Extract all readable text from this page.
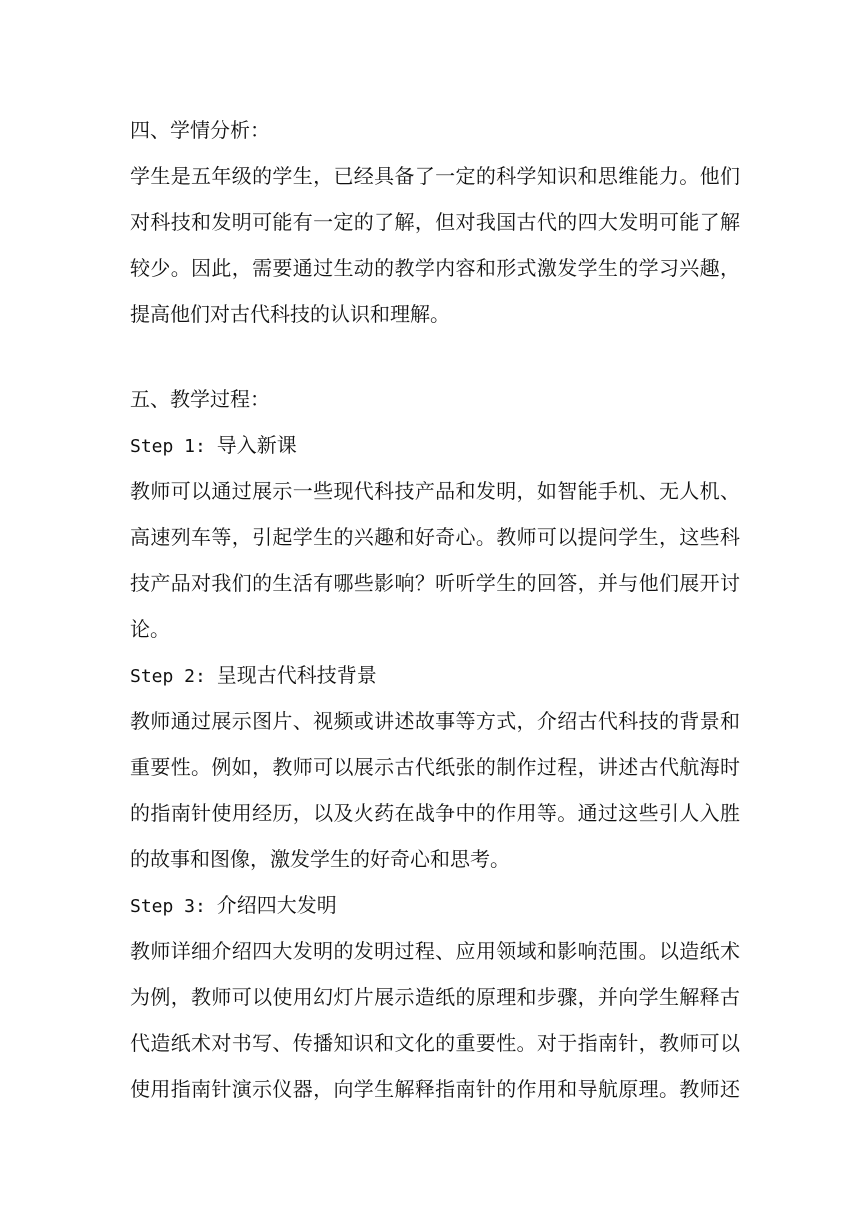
四、学情分析：
学生是五年级的学生，已经具备了一定的科学知识和思维能力。他们
对科技和发明可能有一定的了解，但对我国古代的四大发明可能了解
较少。因此，需要通过生动的教学内容和形式激发学生的学习兴趣，
提高他们对古代科技的认识和理解。
五、教学过程：
Step 1: 导入新课
教师可以通过展示一些现代科技产品和发明，如智能手机、无人机、
高速列车等，引起学生的兴趣和好奇心。教师可以提问学生，这些科
技产品对我们的生活有哪些影响？听听学生的回答，并与他们展开讨
论。
Step 2: 呈现古代科技背景
教师通过展示图片、视频或讲述故事等方式，介绍古代科技的背景和
重要性。例如，教师可以展示古代纸张的制作过程，讲述古代航海时
的指南针使用经历，以及火药在战争中的作用等。通过这些引人入胜
的故事和图像，激发学生的好奇心和思考。
Step 3: 介绍四大发明
教师详细介绍四大发明的发明过程、应用领域和影响范围。以造纸术
为例，教师可以使用幻灯片展示造纸的原理和步骤，并向学生解释古
代造纸术对书写、传播知识和文化的重要性。对于指南针，教师可以
使用指南针演示仪器，向学生解释指南针的作用和导航原理。教师还
